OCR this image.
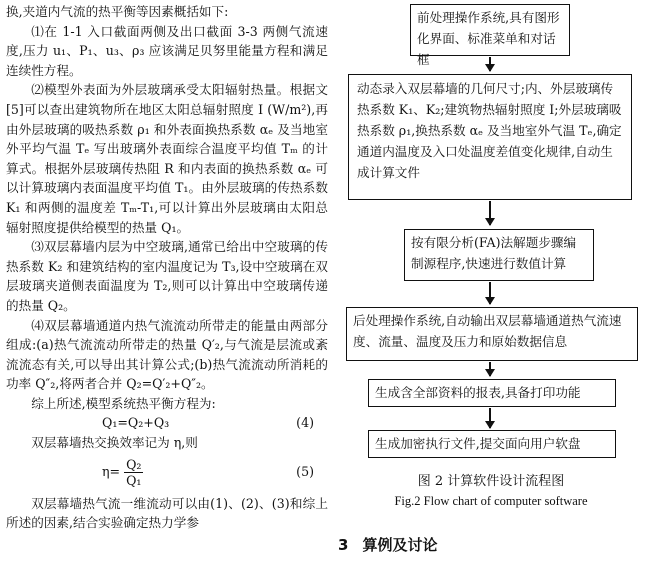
换,夹道内气流的热平衡等因素概括如下:

⑴在 1-1 入口截面两侧及出口截面 3-3 两侧气流速度,压力 u₁、P₁、u₃、ρ₃ 应该满足贝努里能量方程和满足连续性方程。

⑵模型外表面为外层玻璃承受太阳辐射热量。根据文[5]可以查出建筑物所在地区太阳总辐射照度 I (W/m²),再由外层玻璃的吸热系数 ρ₁ 和外表面换热系数 αₑ 及当地室外平均气温 Tₑ 写出玻璃外表面综合温度平均值 Tₘ 的计算式。根据外层玻璃传热阻 R 和内表面的换热系数 αₑ 可以计算玻璃内表面温度平均值 T₁。由外层玻璃的传热系数 K₁ 和两侧的温度差 Tₘ-T₁,可以计算出外层玻璃由太阳总辐射照度提供给模型的热量 Q₁。

⑶双层幕墙内层为中空玻璃,通常已给出中空玻璃的传热系数 K₂ 和建筑结构的室内温度记为 T₃,设中空玻璃在双层玻璃夹道侧表面温度为 T₂,则可以计算出中空玻璃传递的热量 Q₂。

⑷双层幕墙通道内热气流流动所带走的能量由两部分组成:(a)热气流流动所带走的热量 Q′₂,与气流是层流或紊流流态有关,可以导出其计算公式;(b)热气流流动所消耗的功率 Q″₂,将两者合并 Q₂=Q′₂+Q″₂。

综上所述,模型系统热平衡方程为:

Q₁=Q₂+Q₃	(4)

双层幕墙热交换效率记为 η,则

$\eta= \frac{\text{Q₂}}{\text{Q₁}}$	(5)

双层幕墙热气流一维流动可以由(1)、(2)、(3)和综上所述的因素,结合实验确定热力学参

前处理操作系统,具有图形化界面、标准菜单和对话框
动态录入双层幕墙的几何尺寸;内、外层玻璃传热系数 K₁、K₂;建筑物热辐射照度 I;外层玻璃吸热系数 ρ₁,换热系数 αₑ 及当地室外气温 Tₑ,确定通道内温度及入口处温度差值变化规律,自动生成计算文件
按有限分析(FA)法解题步骤编制源程序,快速进行数值计算
后处理操作系统,自动输出双层幕墙通道热气流速度、流量、温度及压力和原始数据信息
生成含全部资料的报表,具备打印功能
生成加密执行文件,提交面向用户软盘
图 2 计算软件设计流程图
Fig.2 Flow chart of computer software
3 算例及讨论
